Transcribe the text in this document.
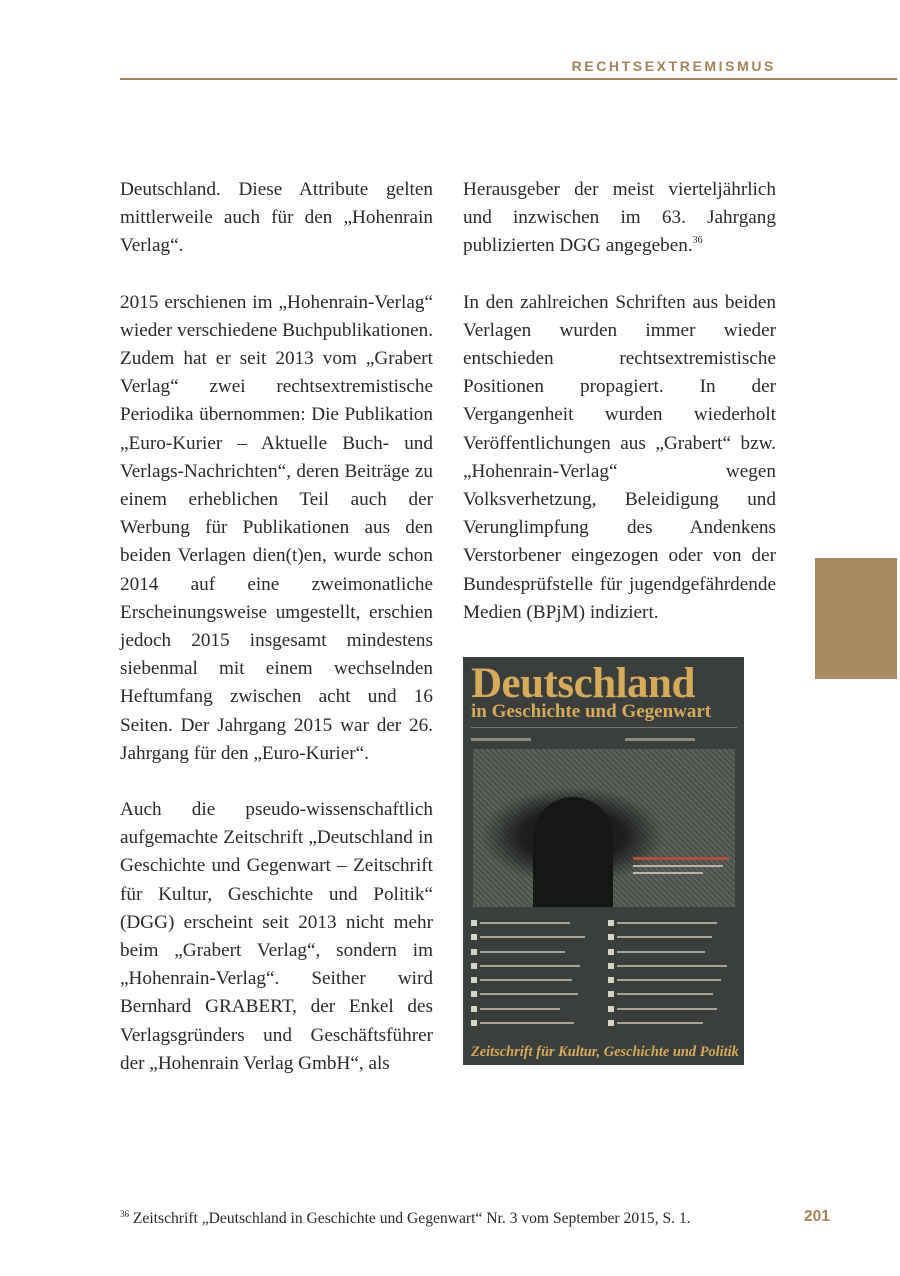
RECHTSEXTREMISMUS

Deutschland. Diese Attribute gelten mittlerweile auch für den „Hohenrain Verlag“.

2015 erschienen im „Hohenrain-Verlag“ wieder verschiedene Buchpublikationen. Zudem hat er seit 2013 vom „Grabert Verlag“ zwei rechtsextremistische Periodika übernommen: Die Publikation „Euro-Kurier – Aktuelle Buch- und Verlags-Nachrichten“, deren Beiträge zu einem erheblichen Teil auch der Werbung für Publikationen aus den beiden Verlagen dien(t)en, wurde schon 2014 auf eine zweimonatliche Erscheinungsweise umgestellt, erschien jedoch 2015 insgesamt mindestens siebenmal mit einem wechselnden Heftumfang zwischen acht und 16 Seiten. Der Jahrgang 2015 war der 26. Jahrgang für den „Euro-Kurier“.

Auch die pseudo-wissenschaftlich aufgemachte Zeitschrift „Deutschland in Geschichte und Gegenwart – Zeitschrift für Kultur, Geschichte und Politik“ (DGG) erscheint seit 2013 nicht mehr beim „Grabert Verlag“, sondern im „Hohenrain-Verlag“. Seither wird Bernhard GRABERT, der Enkel des Verlagsgründers und Geschäftsführer der „Hohenrain Verlag GmbH“, als

Herausgeber der meist vierteljährlich und inzwischen im 63. Jahrgang publizierten DGG angegeben.$^{36}$

In den zahlreichen Schriften aus beiden Verlagen wurden immer wieder entschieden rechtsextremistische Positionen propagiert. In der Vergangenheit wurden wiederholt Veröffentlichungen aus „Grabert“ bzw. „Hohenrain-Verlag“ wegen Volksverhetzung, Beleidigung und Verunglimpfung des Andenkens Verstorbener eingezogen oder von der Bundesprüfstelle für jugendgefährdende Medien (BPjM) indiziert.

Deutschland
in Geschichte und Gegenwart

Zeitschrift für Kultur, Geschichte und Politik
$^{36}$ Zeitschrift „Deutschland in Geschichte und Gegenwart“ Nr. 3 vom September 2015, S. 1.	201
